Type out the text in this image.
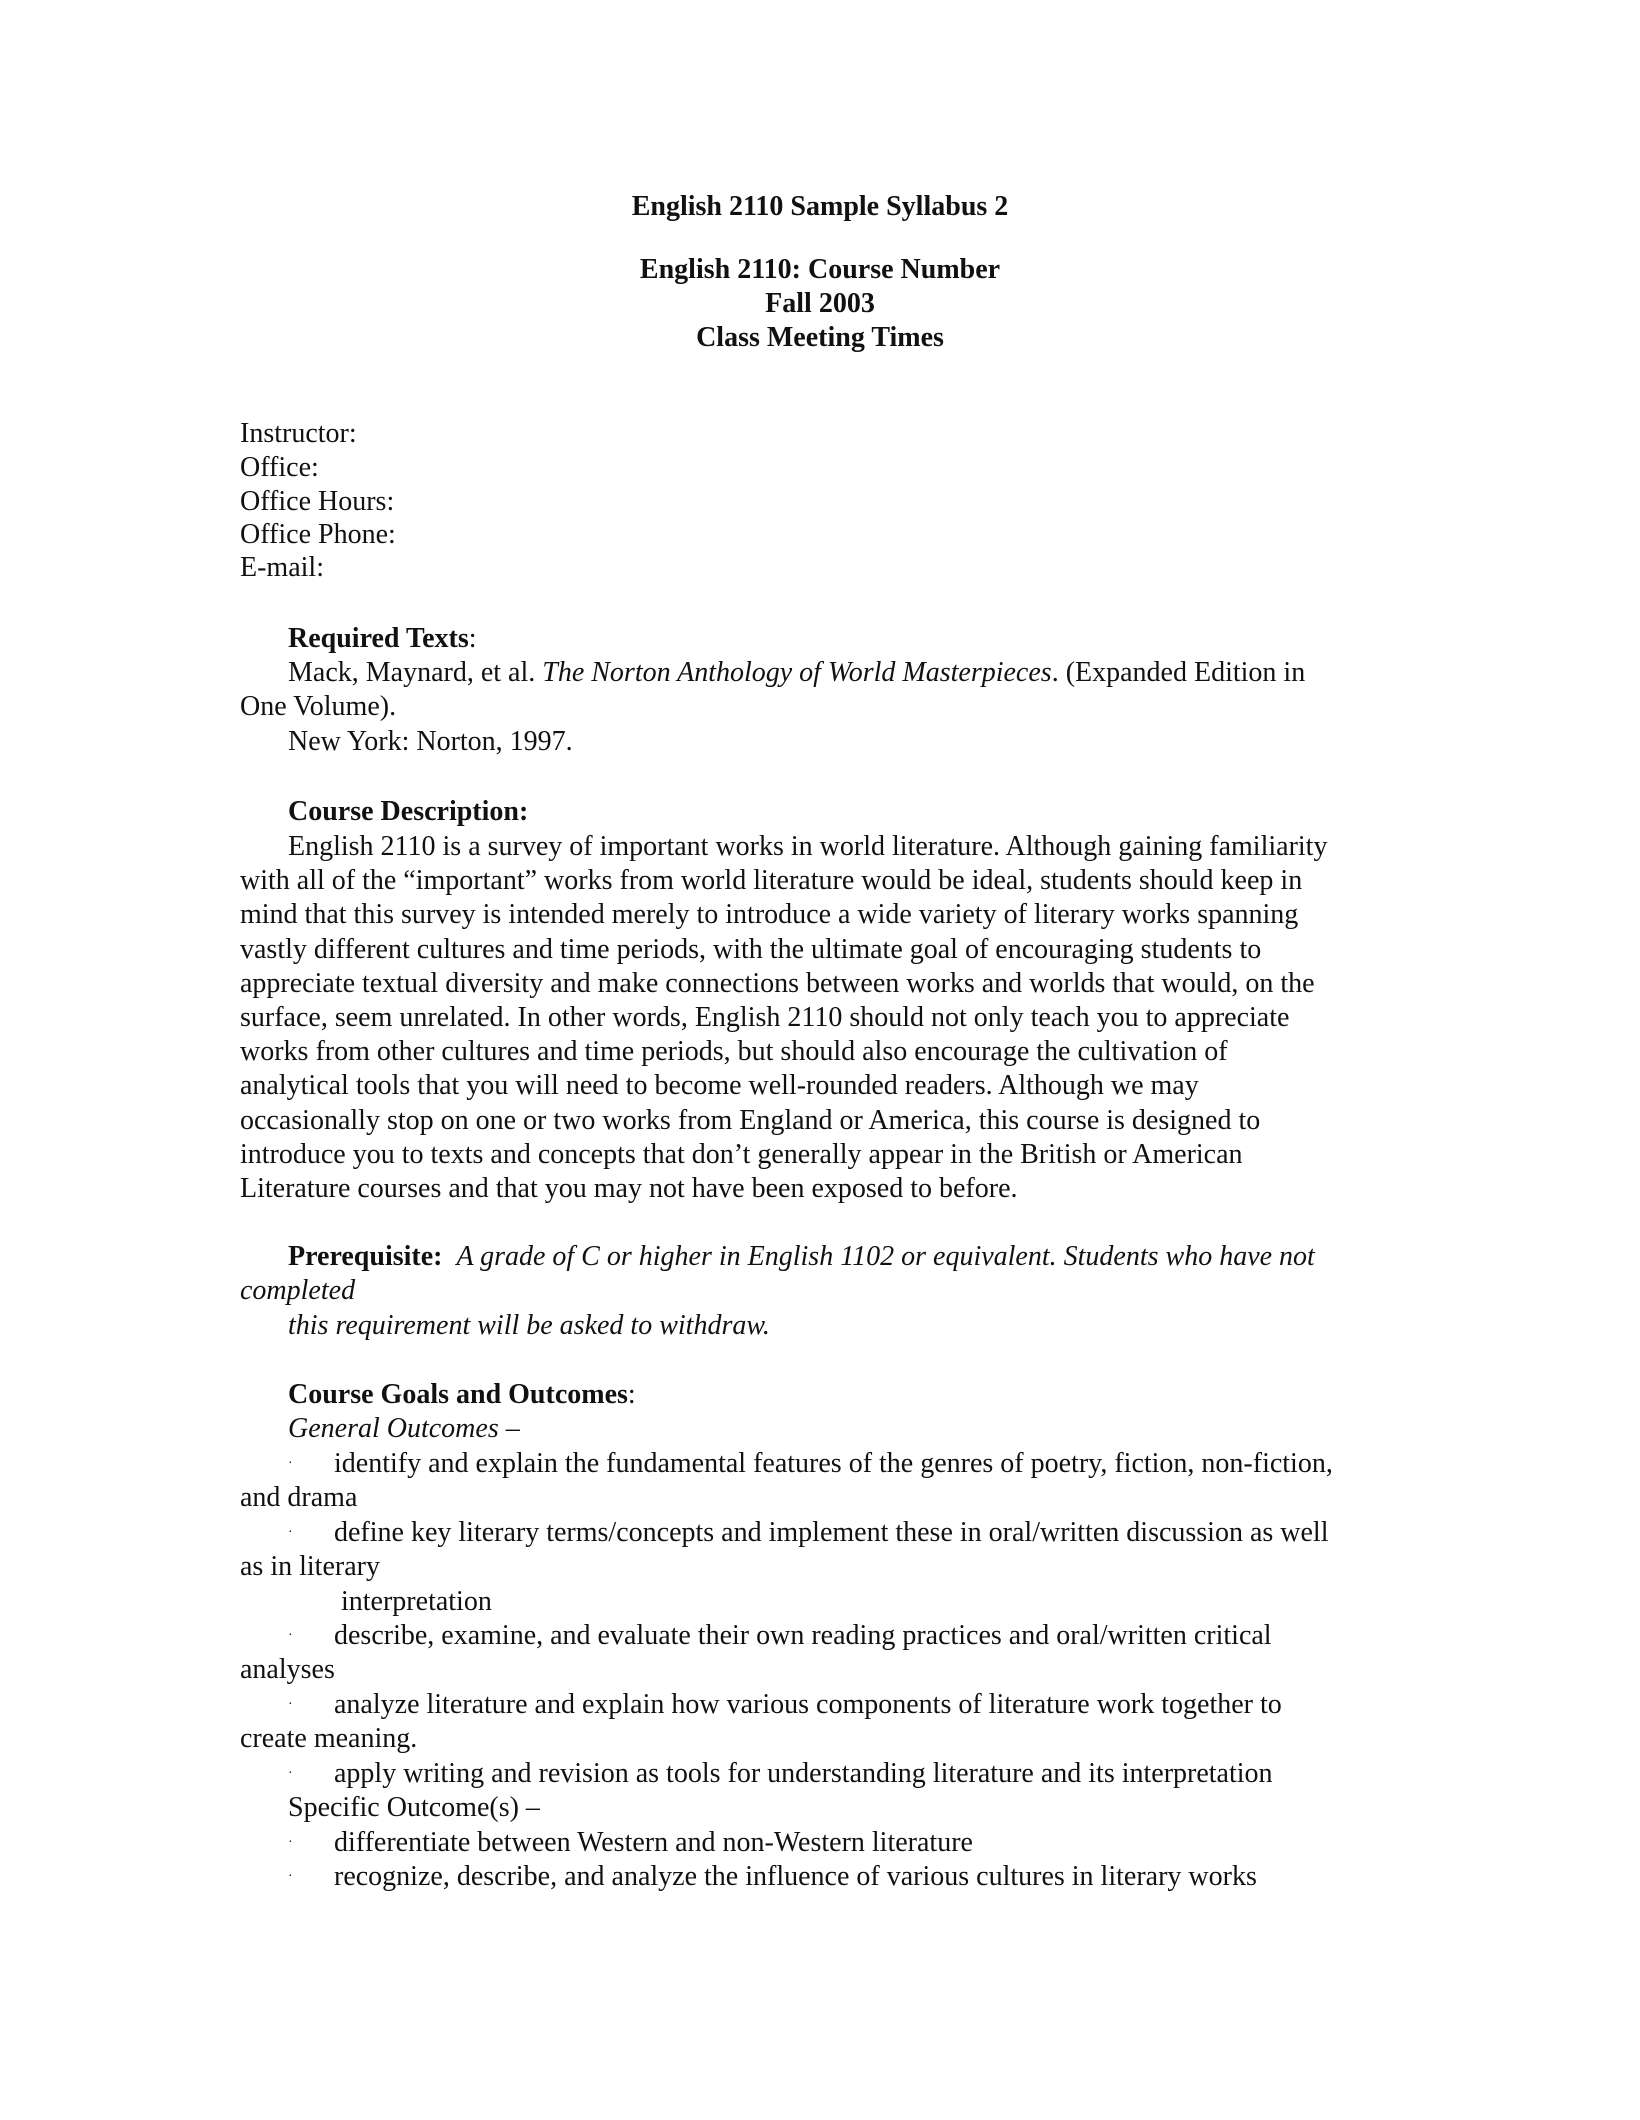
English 2110 Sample Syllabus 2
English 2110: Course Number
Fall 2003
Class Meeting Times
Instructor:
Office:
Office Hours:
Office Phone:
E-mail:
Required Texts:
Mack, Maynard, et al. The Norton Anthology of World Masterpieces. (Expanded Edition in
One Volume).
New York: Norton, 1997.
Course Description:
English 2110 is a survey of important works in world literature. Although gaining familiarity
with all of the “important” works from world literature would be ideal, students should keep in
mind that this survey is intended merely to introduce a wide variety of literary works spanning
vastly different cultures and time periods, with the ultimate goal of encouraging students to
appreciate textual diversity and make connections between works and worlds that would, on the
surface, seem unrelated. In other words, English 2110 should not only teach you to appreciate
works from other cultures and time periods, but should also encourage the cultivation of
analytical tools that you will need to become well-rounded readers. Although we may
occasionally stop on one or two works from England or America, this course is designed to
introduce you to texts and concepts that don’t generally appear in the British or American
Literature courses and that you may not have been exposed to before.
Prerequisite: A grade of C or higher in English 1102 or equivalent. Students who have not
completed
this requirement will be asked to withdraw.
Course Goals and Outcomes:
General Outcomes –
· identify and explain the fundamental features of the genres of poetry, fiction, non-fiction,
and drama
· define key literary terms/concepts and implement these in oral/written discussion as well
as in literary
interpretation
· describe, examine, and evaluate their own reading practices and oral/written critical
analyses
· analyze literature and explain how various components of literature work together to
create meaning.
· apply writing and revision as tools for understanding literature and its interpretation
Specific Outcome(s) –
· differentiate between Western and non-Western literature
· recognize, describe, and analyze the influence of various cultures in literary works
